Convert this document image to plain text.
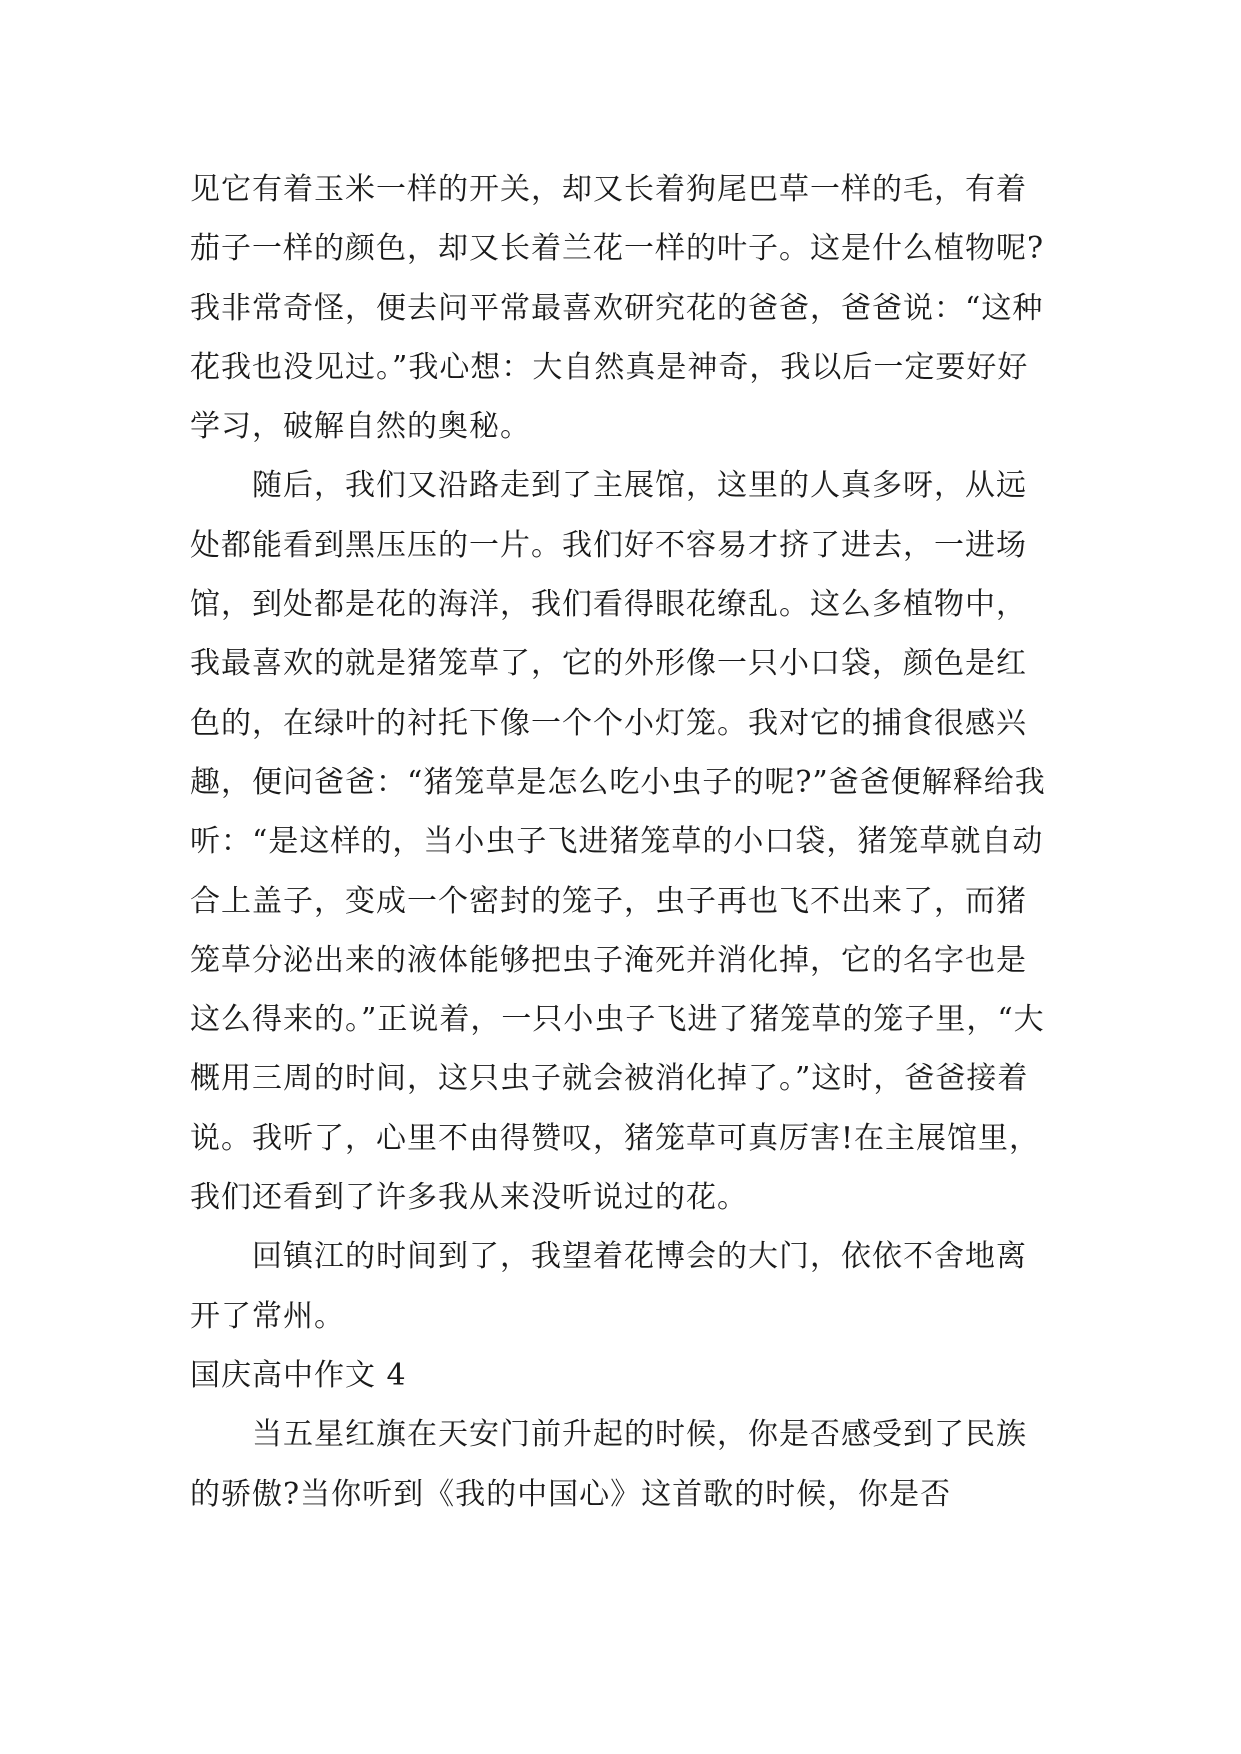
见它有着玉米一样的开关，却又长着狗尾巴草一样的毛，有着茄子一样的颜色，却又长着兰花一样的叶子。这是什么植物呢?我非常奇怪，便去问平常最喜欢研究花的爸爸，爸爸说：“这种花我也没见过。”我心想：大自然真是神奇，我以后一定要好好学习，破解自然的奥秘。

随后，我们又沿路走到了主展馆，这里的人真多呀，从远处都能看到黑压压的一片。我们好不容易才挤了进去，一进场馆，到处都是花的海洋，我们看得眼花缭乱。这么多植物中，我最喜欢的就是猪笼草了，它的外形像一只小口袋，颜色是红色的，在绿叶的衬托下像一个个小灯笼。我对它的捕食很感兴趣，便问爸爸：“猪笼草是怎么吃小虫子的呢?”爸爸便解释给我听：“是这样的，当小虫子飞进猪笼草的小口袋，猪笼草就自动合上盖子，变成一个密封的笼子，虫子再也飞不出来了，而猪笼草分泌出来的液体能够把虫子淹死并消化掉，它的名字也是这么得来的。”正说着，一只小虫子飞进了猪笼草的笼子里，“大概用三周的时间，这只虫子就会被消化掉了。”这时，爸爸接着说。我听了，心里不由得赞叹，猪笼草可真厉害!在主展馆里，我们还看到了许多我从来没听说过的花。

回镇江的时间到了，我望着花博会的大门，依依不舍地离开了常州。

国庆高中作文 4

当五星红旗在天安门前升起的时候，你是否感受到了民族的骄傲?当你听到《我的中国心》这首歌的时候，你是否
